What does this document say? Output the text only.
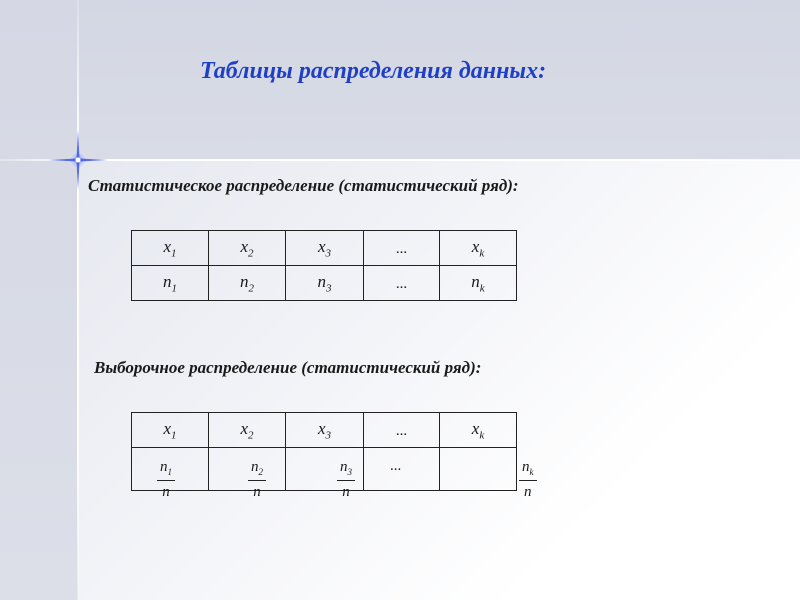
Таблицы распределения данных:
Статистическое распределение (статистический ряд):
$x_1$	$x_2$	$x_3$	...	$x_k$
$n_1$	$n_2$	$n_3$	...	$n_k$
Выборочное распределение (статистический ряд):
$x_1$	$x_2$	$x_3$	...	$x_k$

$\frac{n_1}{n}$	$\frac{n_2}{n}$	$\frac{n_3}{n}$ ...	$\frac{n_k}{n}$
